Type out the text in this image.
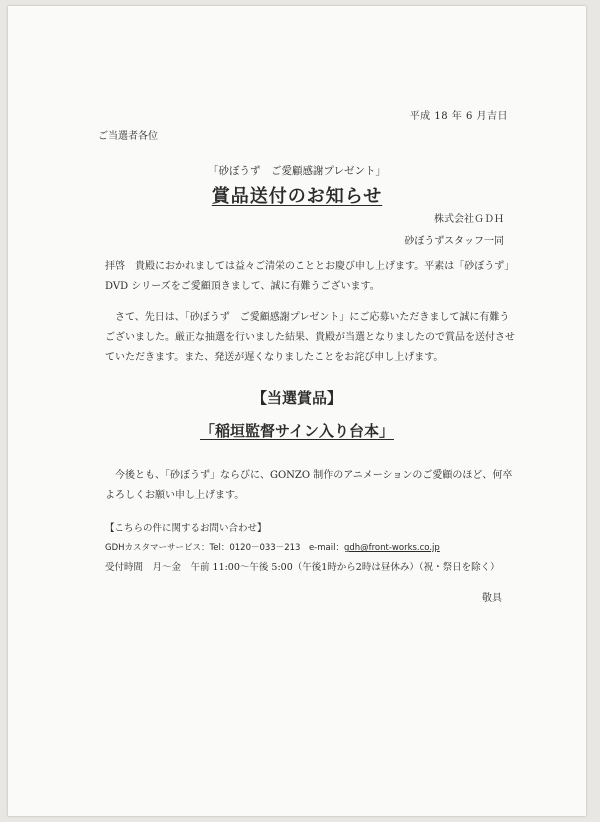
平成 18 年 6 月吉日
ご当選者各位
「砂ぼうず　ご愛顧感謝プレゼント」
賞品送付のお知らせ
株式会社ＧＤＨ
砂ぼうずスタッフ一同
拝啓　貴殿におかれましては益々ご清栄のこととお慶び申し上げます。平素は「砂ぼうず」DVD シリーズをご愛顧頂きまして、誠に有難うございます。
さて、先日は、「砂ぼうず　ご愛顧感謝プレゼント」にご応募いただきまして誠に有難うございました。厳正な抽選を行いました結果、貴殿が当選となりましたので賞品を送付させていただきます。また、発送が遅くなりましたことをお詫び申し上げます。
【当選賞品】
「稲垣監督サイン入り台本」
今後とも、「砂ぼうず」ならびに、GONZO 制作のアニメーションのご愛顧のほど、何卒よろしくお願い申し上げます。
【こちらの件に関するお問い合わせ】
GDHカスタマーサービス：Tel：0120－033－213　e-mail：gdh@front-works.co.jp
受付時間　月～金　午前 11:00～午後 5:00（午後1時から2時は昼休み）（祝・祭日を除く）
敬具
